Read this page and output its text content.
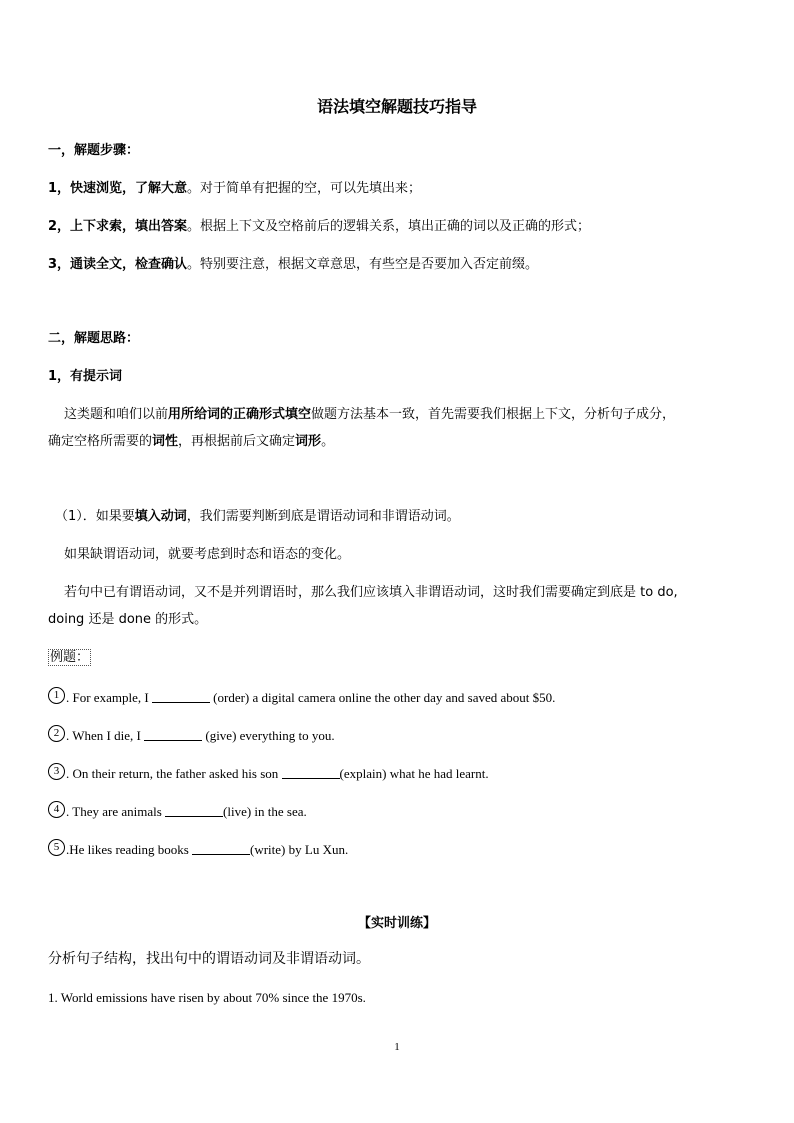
语法填空解题技巧指导
一，解题步骤：
1，快速浏览，了解大意。对于简单有把握的空，可以先填出来；
2，上下求索，填出答案。根据上下文及空格前后的逻辑关系，填出正确的词以及正确的形式；
3，通读全文，检查确认。特别要注意，根据文章意思，有些空是否要加入否定前缀。
二，解题思路：
1，有提示词
这类题和咱们以前用所给词的正确形式填空做题方法基本一致，首先需要我们根据上下文，分析句子成分，
确定空格所需要的词性，再根据前后文确定词形。
（1）．如果要填入动词，我们需要判断到底是谓语动词和非谓语动词。
如果缺谓语动词，就要考虑到时态和语态的变化。
若句中已有谓语动词，又不是并列谓语时，那么我们应该填入非谓语动词，这时我们需要确定到底是 to do,
doing 还是 done 的形式。
例题：
1 . For example, I	(order) a digital camera online the other day and saved about $50.
2 . When I die, I	(give) everything to you.
3 . On their return, the father asked his son	(explain) what he had learnt.
4 . They are animals	(live) in the sea.
5 .He likes reading books	(write) by Lu Xun.
【实时训练】
分析句子结构，找出句中的谓语动词及非谓语动词。
1. World emissions have risen by about 70% since the 1970s.
1
